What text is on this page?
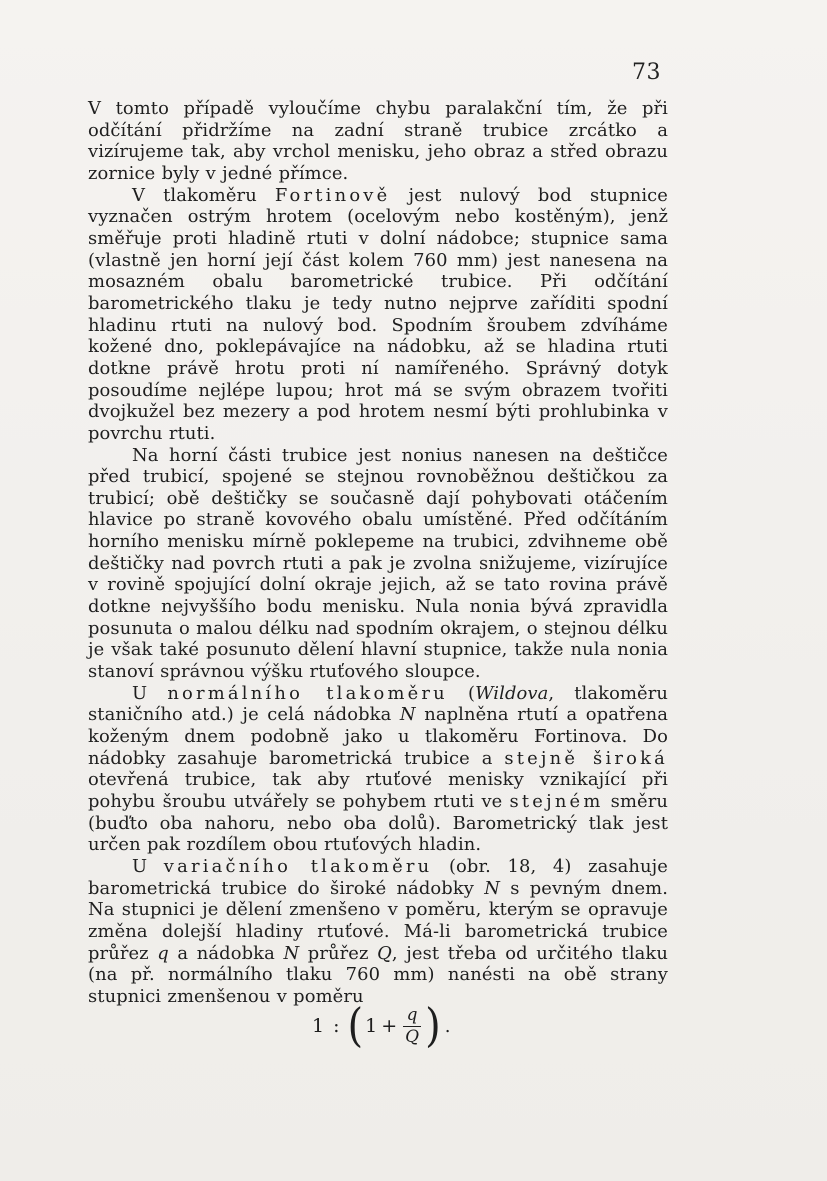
73

V tomto případě vyloučíme chybu paralakční tím, že při odčítání přidržíme na zadní straně trubice zrcátko a vizírujeme tak, aby vrchol menisku, jeho obraz a střed obrazu zornice byly v jedné přímce.

V tlakoměru Fortinově jest nulový bod stupnice vyznačen ostrým hrotem (ocelovým nebo kostěným), jenž směřuje proti hladině rtuti v dolní nádobce; stupnice sama (vlastně jen horní její část kolem 760 mm) jest nanesena na mosazném obalu barometrické trubice. Při odčítání barometrického tlaku je tedy nutno nejprve zaříditi spodní hladinu rtuti na nulový bod. Spodním šroubem zdvíháme kožené dno, poklepávajíce na nádobku, až se hladina rtuti dotkne právě hrotu proti ní namířeného. Správný dotyk posoudíme nejlépe lupou; hrot má se svým obrazem tvořiti dvojkužel bez mezery a pod hrotem nesmí býti prohlubinka v povrchu rtuti.

Na horní části trubice jest nonius nanesen na deštičce před trubicí, spojené se stejnou rovnoběžnou deštičkou za trubicí; obě deštičky se současně dají pohybovati otáčením hlavice po straně kovového obalu umístěné. Před odčítáním horního menisku mírně poklepeme na trubici, zdvihneme obě deštičky nad povrch rtuti a pak je zvolna snižujeme, vizírujíce v rovině spojující dolní okraje jejich, až se tato rovina právě dotkne nejvyššího bodu menisku. Nula nonia bývá zpravidla posunuta o malou délku nad spodním okrajem, o stejnou délku je však také posunuto dělení hlavní stupnice, takže nula nonia stanoví správnou výšku rtuťového sloupce.

U normálního tlakoměru (Wildova, tlakoměru staničního atd.) je celá nádobka N naplněna rtutí a opatřena koženým dnem podobně jako u tlakoměru Fortinova. Do nádobky zasahuje barometrická trubice a stejně široká otevřená trubice, tak aby rtuťové menisky vznikající při pohybu šroubu utvářely se pohybem rtuti ve stejném směru (buďto oba nahoru, nebo oba dolů). Barometrický tlak jest určen pak rozdílem obou rtuťových hladin.

U variačního tlakoměru (obr. 18, 4) zasahuje barometrická trubice do široké nádobky N s pevným dnem. Na stupnici je dělení zmenšeno v poměru, kterým se opravuje změna dolejší hladiny rtuťové. Má-li barometrická trubice průřez q a nádobka N průřez Q, jest třeba od určitého tlaku (na př. normálního tlaku 760 mm) nanésti na obě strany stupnici zmenšenou v poměru

1 : ( $1 + \frac{q}{Q}$ ) .
